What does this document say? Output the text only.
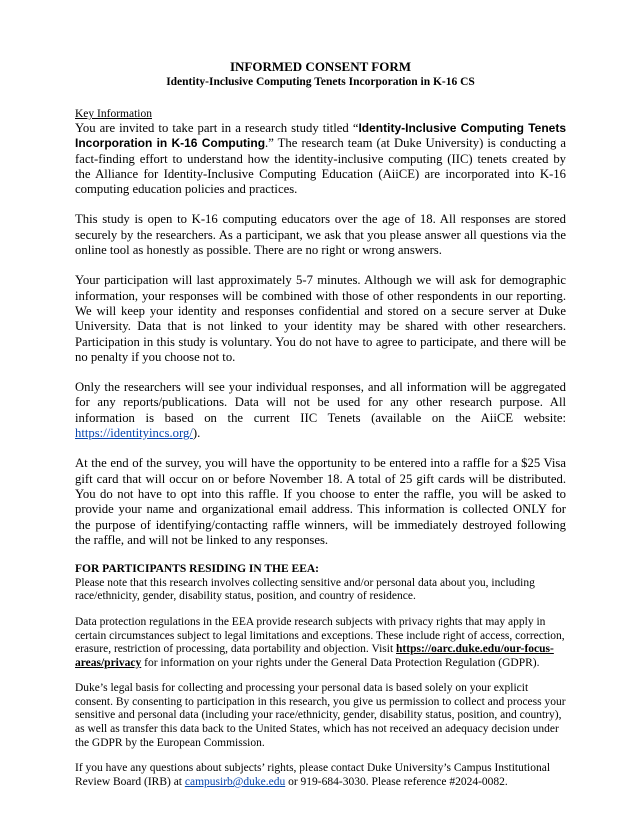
INFORMED CONSENT FORM
Identity-Inclusive Computing Tenets Incorporation in K-16 CS
Key Information

You are invited to take part in a research study titled “Identity-Inclusive Computing Tenets Incorporation in K-16 Computing.” The research team (at Duke University) is conducting a fact-finding effort to understand how the identity-inclusive computing (IIC) tenets created by the Alliance for Identity-Inclusive Computing Education (AiiCE) are incorporated into K-16 computing education policies and practices.

This study is open to K-16 computing educators over the age of 18. All responses are stored securely by the researchers. As a participant, we ask that you please answer all questions via the online tool as honestly as possible. There are no right or wrong answers.

Your participation will last approximately 5-7 minutes. Although we will ask for demographic information, your responses will be combined with those of other respondents in our reporting. We will keep your identity and responses confidential and stored on a secure server at Duke University. Data that is not linked to your identity may be shared with other researchers. Participation in this study is voluntary. You do not have to agree to participate, and there will be no penalty if you choose not to.

Only the researchers will see your individual responses, and all information will be aggregated for any reports/publications. Data will not be used for any other research purpose. All information is based on the current IIC Tenets (available on the AiiCE website: https://identityincs.org/).

At the end of the survey, you will have the opportunity to be entered into a raffle for a $25 Visa gift card that will occur on or before November 18. A total of 25 gift cards will be distributed. You do not have to opt into this raffle. If you choose to enter the raffle, you will be asked to provide your name and organizational email address. This information is collected ONLY for the purpose of identifying/contacting raffle winners, will be immediately destroyed following the raffle, and will not be linked to any responses.

FOR PARTICIPANTS RESIDING IN THE EEA:

Please note that this research involves collecting sensitive and/or personal data about you, including race/ethnicity, gender, disability status, position, and country of residence.

Data protection regulations in the EEA provide research subjects with privacy rights that may apply in certain circumstances subject to legal limitations and exceptions. These include right of access, correction, erasure, restriction of processing, data portability and objection. Visit https://oarc.duke.edu/our-focus-areas/privacy for information on your rights under the General Data Protection Regulation (GDPR).

Duke’s legal basis for collecting and processing your personal data is based solely on your explicit consent. By consenting to participation in this research, you give us permission to collect and process your sensitive and personal data (including your race/ethnicity, gender, disability status, position, and country), as well as transfer this data back to the United States, which has not received an adequacy decision under the GDPR by the European Commission.

If you have any questions about subjects’ rights, please contact Duke University’s Campus Institutional Review Board (IRB) at campusirb@duke.edu or 919-684-3030. Please reference #2024-0082.
